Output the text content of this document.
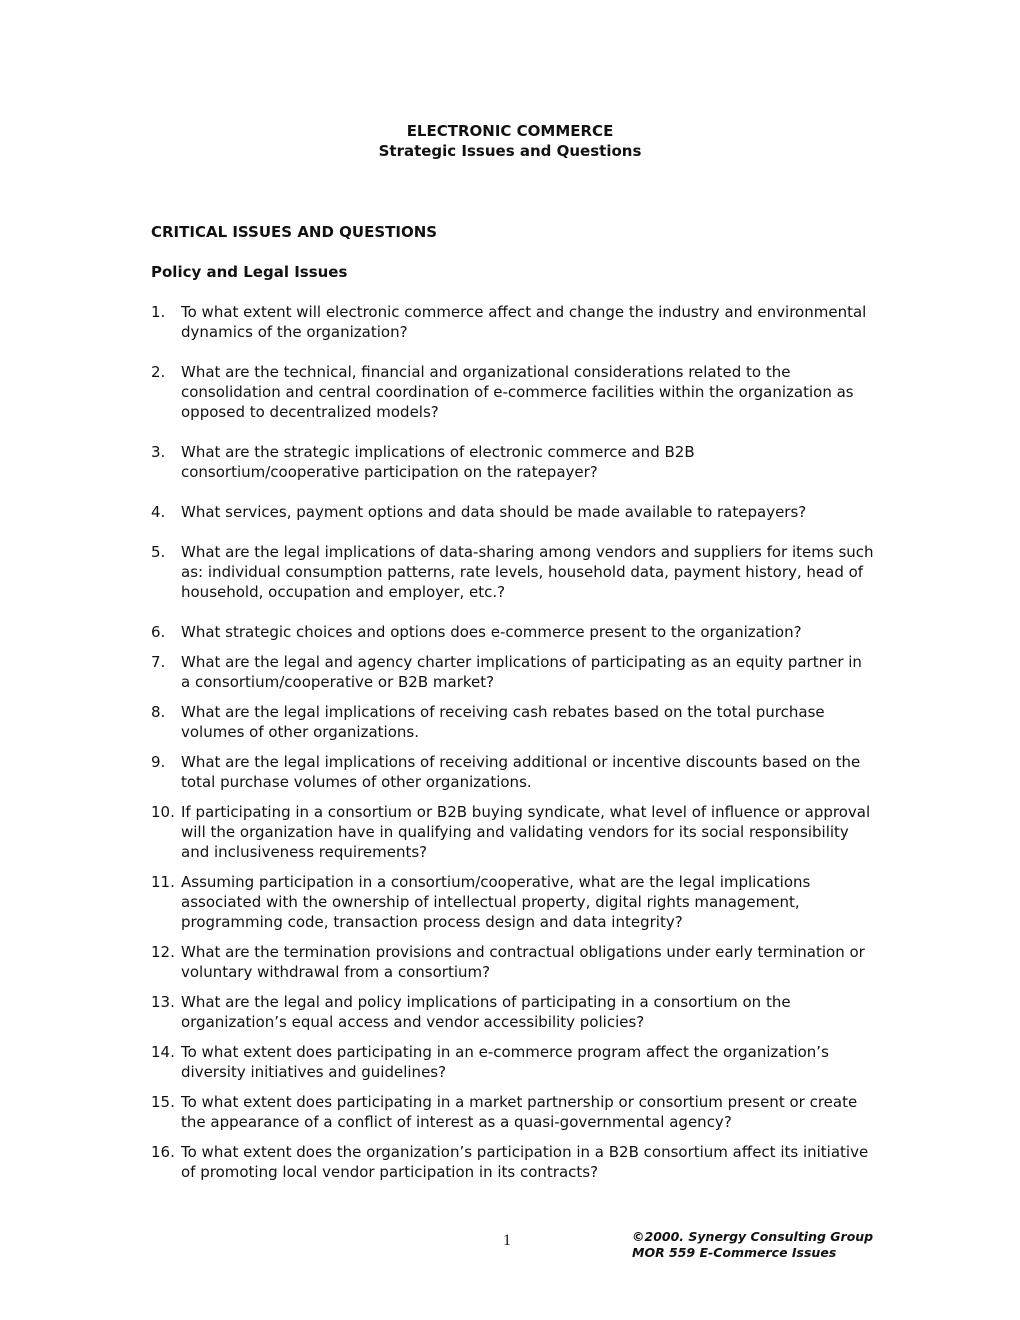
ELECTRONIC COMMERCE
Strategic Issues and Questions
CRITICAL ISSUES AND QUESTIONS
Policy and Legal Issues
1. To what extent will electronic commerce affect and change the industry and environmental dynamics of the organization?
2. What are the technical, financial and organizational considerations related to the consolidation and central coordination of e-commerce facilities within the organization as opposed to decentralized models?
3. What are the strategic implications of electronic commerce and B2B consortium/cooperative participation on the ratepayer?
4. What services, payment options and data should be made available to ratepayers?
5. What are the legal implications of data-sharing among vendors and suppliers for items such as: individual consumption patterns, rate levels, household data, payment history, head of household, occupation and employer, etc.?
6. What strategic choices and options does e-commerce present to the organization?
7. What are the legal and agency charter implications of participating as an equity partner in a consortium/cooperative or B2B market?
8. What are the legal implications of receiving cash rebates based on the total purchase volumes of other organizations.
9. What are the legal implications of receiving additional or incentive discounts based on the total purchase volumes of other organizations.
10. If participating in a consortium or B2B buying syndicate, what level of influence or approval will the organization have in qualifying and validating vendors for its social responsibility and inclusiveness requirements?
11. Assuming participation in a consortium/cooperative, what are the legal implications associated with the ownership of intellectual property, digital rights management, programming code, transaction process design and data integrity?
12. What are the termination provisions and contractual obligations under early termination or voluntary withdrawal from a consortium?
13. What are the legal and policy implications of participating in a consortium on the organization’s equal access and vendor accessibility policies?
14. To what extent does participating in an e-commerce program affect the organization’s diversity initiatives and guidelines?
15. To what extent does participating in a market partnership or consortium present or create the appearance of a conflict of interest as a quasi-governmental agency?
16. To what extent does the organization’s participation in a B2B consortium affect its initiative of promoting local vendor participation in its contracts?
1	©2000. Synergy Consulting Group
MOR 559 E-Commerce Issues
